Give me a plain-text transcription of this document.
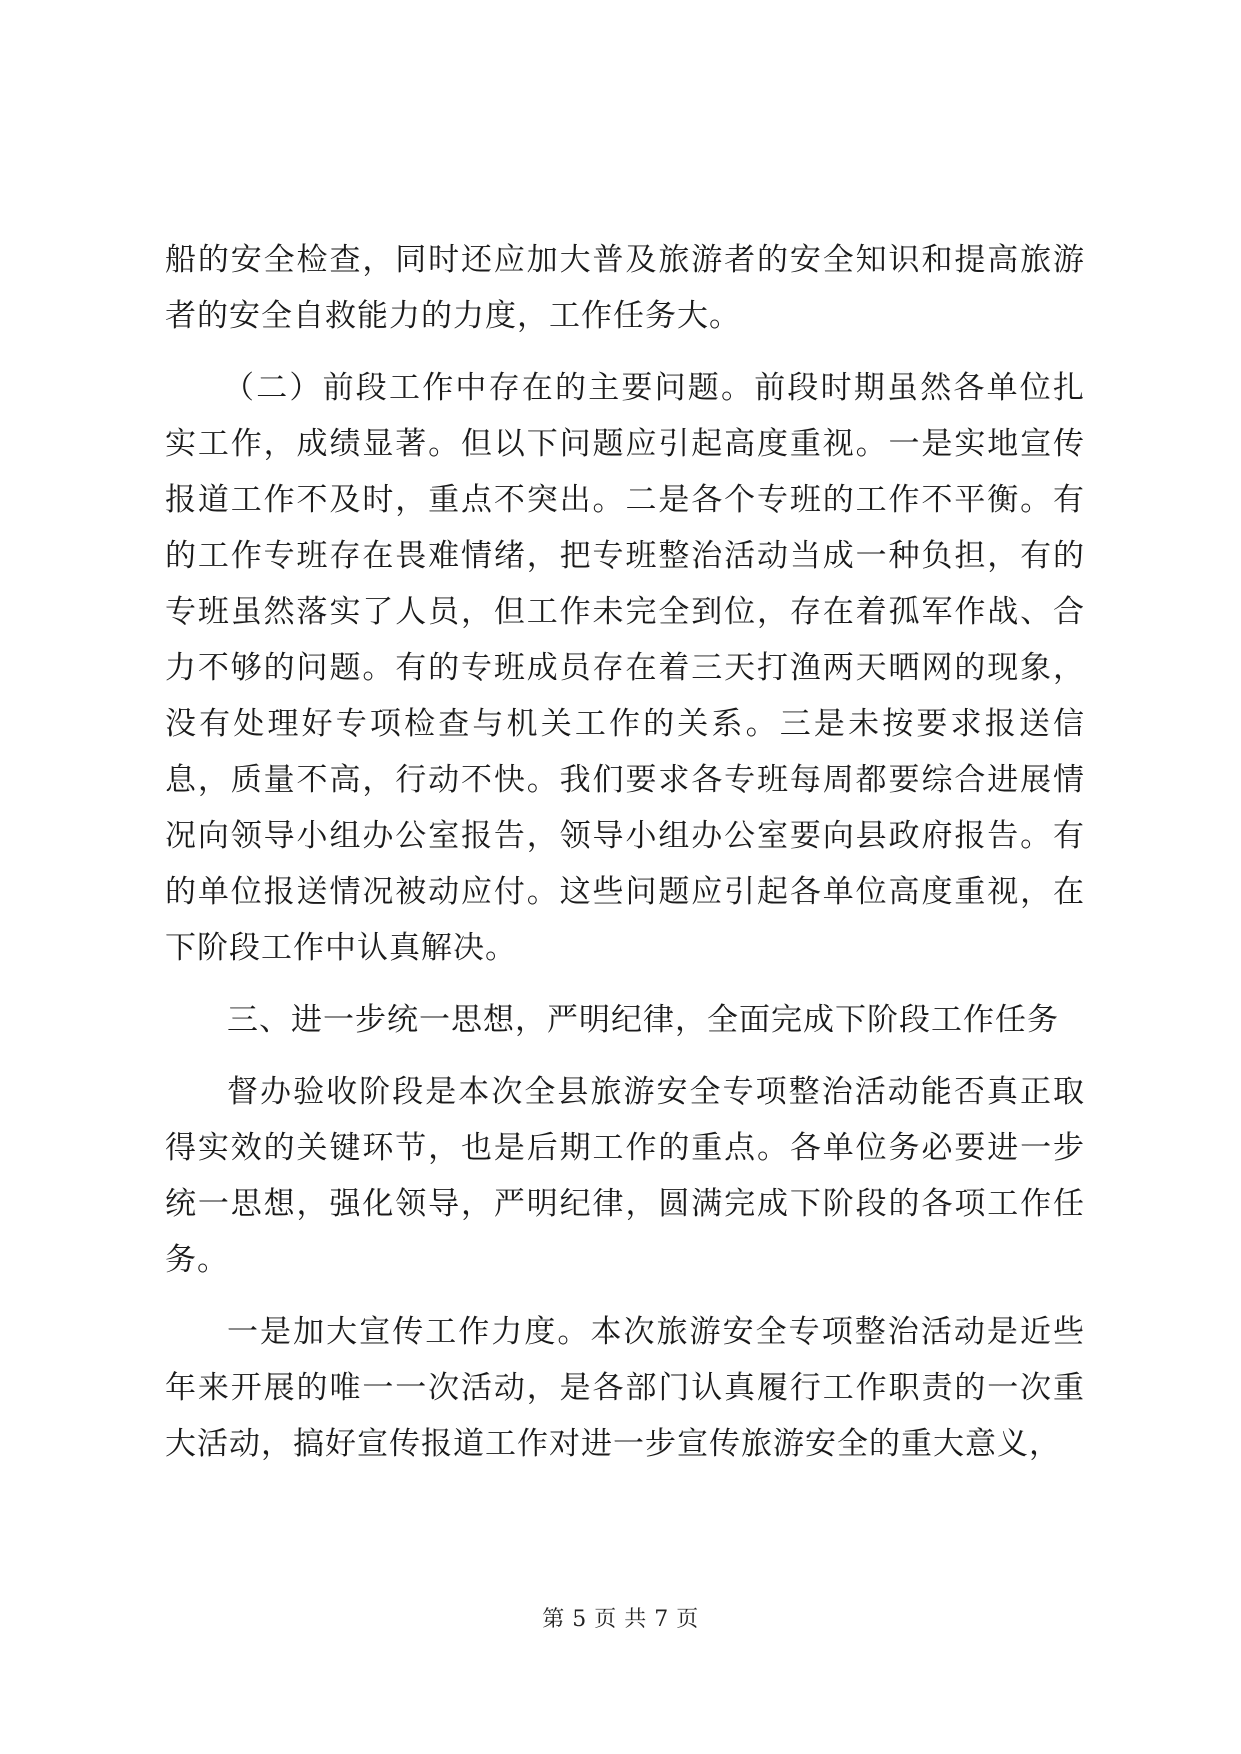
船的安全检查，同时还应加大普及旅游者的安全知识和提高旅游者的安全自救能力的力度，工作任务大。

（二）前段工作中存在的主要问题。前段时期虽然各单位扎实工作，成绩显著。但以下问题应引起高度重视。一是实地宣传报道工作不及时，重点不突出。二是各个专班的工作不平衡。有的工作专班存在畏难情绪，把专班整治活动当成一种负担，有的专班虽然落实了人员，但工作未完全到位，存在着孤军作战、合力不够的问题。有的专班成员存在着三天打渔两天晒网的现象，没有处理好专项检查与机关工作的关系。三是未按要求报送信息，质量不高，行动不快。我们要求各专班每周都要综合进展情况向领导小组办公室报告，领导小组办公室要向县政府报告。有的单位报送情况被动应付。这些问题应引起各单位高度重视，在下阶段工作中认真解决。

三、进一步统一思想，严明纪律，全面完成下阶段工作任务

督办验收阶段是本次全县旅游安全专项整治活动能否真正取得实效的关键环节，也是后期工作的重点。各单位务必要进一步统一思想，强化领导，严明纪律，圆满完成下阶段的各项工作任务。

一是加大宣传工作力度。本次旅游安全专项整治活动是近些年来开展的唯一一次活动，是各部门认真履行工作职责的一次重大活动，搞好宣传报道工作对进一步宣传旅游安全的重大意义，

第 5 页 共 7 页
